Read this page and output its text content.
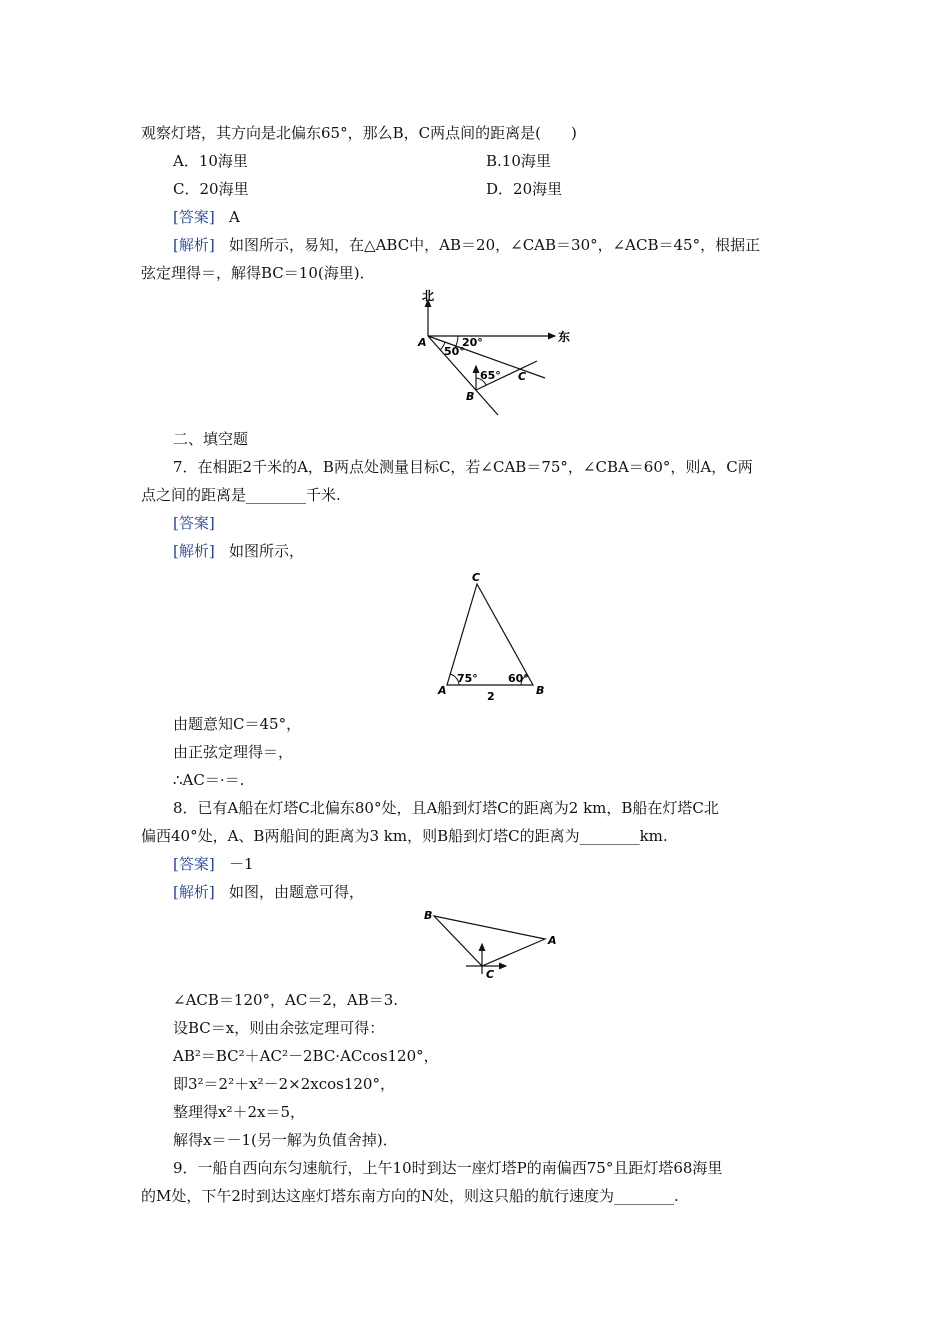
观察灯塔，其方向是北偏东65°，那么B，C两点间的距离是(　　)
A．10海里	B.10海里
C．20海里	D．20海里
[答案] A
[解析] 如图所示，易知，在△ABC中，AB＝20，∠CAB＝30°，∠ACB＝45°，根据正
弦定理得＝，解得BC＝10(海里)．
北
东
A
B
C
20°
50°
65°
二、填空题
7．在相距2千米的A，B两点处测量目标C，若∠CAB＝75°，∠CBA＝60°，则A，C两
点之间的距离是________千米.
[答案]
[解析] 如图所示，
C
A	B
75°	60°
2
由题意知C＝45°，
由正弦定理得＝，
∴AC＝·＝.
8．已有A船在灯塔C北偏东80°处，且A船到灯塔C的距离为2 km，B船在灯塔C北
偏西40°处，A、B两船间的距离为3 km，则B船到灯塔C的距离为________km.
[答案] －1
[解析] 如图，由题意可得，
B
A
C
∠ACB＝120°，AC＝2，AB＝3.
设BC＝x，则由余弦定理可得：
AB²＝BC²＋AC²－2BC·ACcos120°，
即3²＝2²＋x²－2×2xcos120°，
整理得x²＋2x＝5，
解得x＝－1(另一解为负值舍掉)．
9．一船自西向东匀速航行，上午10时到达一座灯塔P的南偏西75°且距灯塔68海里
的M处，下午2时到达这座灯塔东南方向的N处，则这只船的航行速度为________.
